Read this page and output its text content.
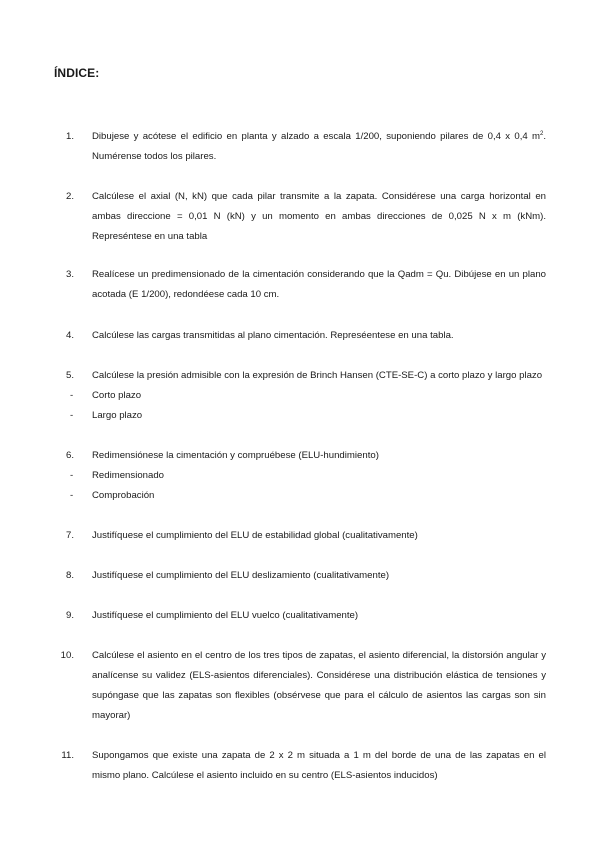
ÍNDICE:
1. Dibujese y acótese el edificio en planta y alzado a escala 1/200, suponiendo pilares de 0,4 x 0,4 $m^2$. Numérense todos los pilares.
2. Calcúlese el axial (N, kN) que cada pilar transmite a la zapata. Considérese una carga horizontal en ambas direccione = 0,01 N (kN) y un momento en ambas direcciones de 0,025 N x m (kNm). Represéntese en una tabla
3. Realícese un predimensionado de la cimentación considerando que la Qadm = Qu. Dibújese en un plano acotada (E 1/200), redondéese cada 10 cm.
4. Calcúlese las cargas transmitidas al plano cimentación. Represéentese en una tabla.
5. Calcúlese la presión admisible con la expresión de Brinch Hansen (CTE-SE-C) a corto plazo y largo plazo
- Corto plazo
- Largo plazo
6. Redimensiónese la cimentación y compruébese (ELU-hundimiento)
- Redimensionado
- Comprobación
7. Justifíquese el cumplimiento del ELU de estabilidad global (cualitativamente)
8. Justifíquese el cumplimiento del ELU deslizamiento (cualitativamente)
9. Justifíquese el cumplimiento del ELU vuelco (cualitativamente)
10. Calcúlese el asiento en el centro de los tres tipos de zapatas, el asiento diferencial, la distorsión angular y analícense su validez (ELS-asientos diferenciales). Considérese una distribución elástica de tensiones y supóngase que las zapatas son flexibles (obsérvese que para el cálculo de asientos las cargas son sin mayorar)
11. Supongamos que existe una zapata de 2 x 2 m situada a 1 m del borde de una de las zapatas en el mismo plano. Calcúlese el asiento incluido en su centro (ELS-asientos inducidos)
